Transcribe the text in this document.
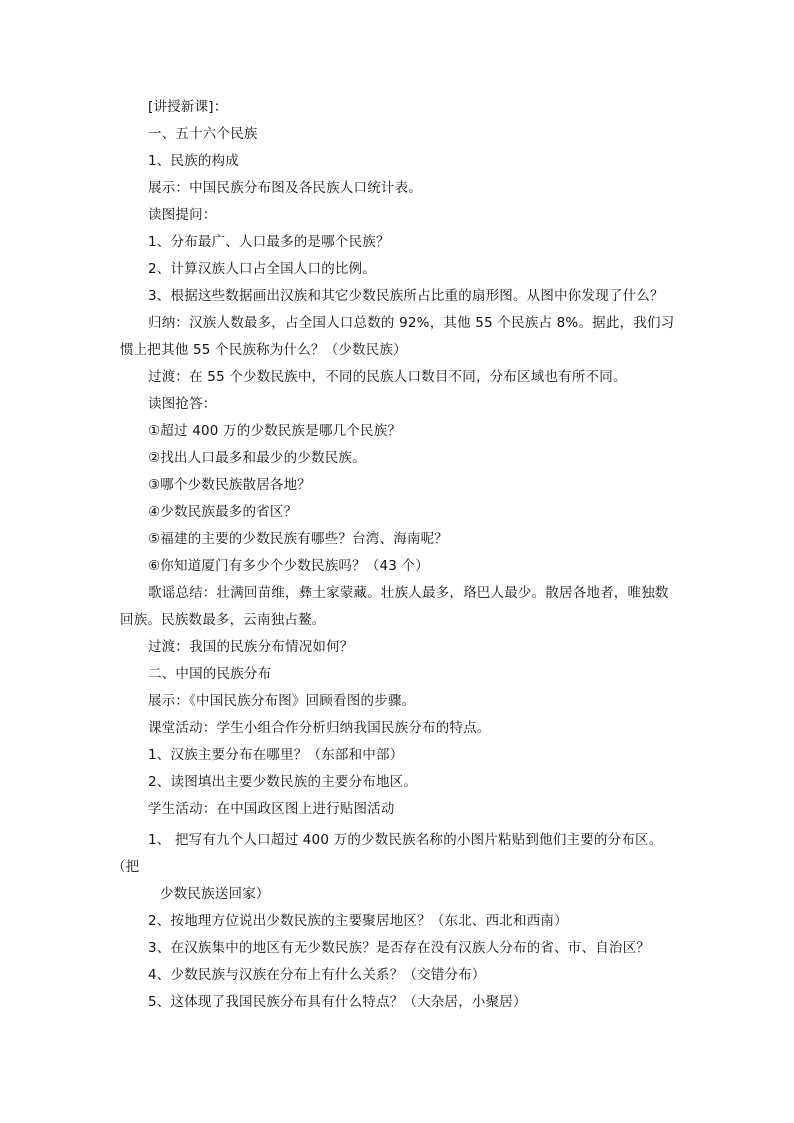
[讲授新课]：
一、五十六个民族
1、民族的构成
展示：中国民族分布图及各民族人口统计表。
读图提问：
1、分布最广、人口最多的是哪个民族？
2、计算汉族人口占全国人口的比例。
3、根据这些数据画出汉族和其它少数民族所占比重的扇形图。从图中你发现了什么？
归纳：汉族人数最多，占全国人口总数的 92%，其他 55 个民族占 8%。据此，我们习
惯上把其他 55 个民族称为什么？（少数民族）
过渡：在 55 个少数民族中，不同的民族人口数目不同，分布区域也有所不同。
读图抢答：
①超过 400 万的少数民族是哪几个民族？
②找出人口最多和最少的少数民族。
③哪个少数民族散居各地？
④少数民族最多的省区？
⑤福建的主要的少数民族有哪些？台湾、海南呢？
⑥你知道厦门有多少个少数民族吗？（43 个）
歌谣总结：壮满回苗维，彝土家蒙藏。壮族人最多，珞巴人最少。散居各地者，唯独数
回族。民族数最多，云南独占鳌。
过渡：我国的民族分布情况如何？
二、中国的民族分布
展示：《中国民族分布图》回顾看图的步骤。
课堂活动：学生小组合作分析归纳我国民族分布的特点。
1、汉族主要分布在哪里？（东部和中部）
2、读图填出主要少数民族的主要分布地区。
学生活动：在中国政区图上进行贴图活动
1、 把写有九个人口超过 400 万的少数民族名称的小图片粘贴到他们主要的分布区。
（把
少数民族送回家）
2、按地理方位说出少数民族的主要聚居地区？（东北、西北和西南）
3、在汉族集中的地区有无少数民族？是否存在没有汉族人分布的省、市、自治区？
4、少数民族与汉族在分布上有什么关系？（交错分布）
5、这体现了我国民族分布具有什么特点？（大杂居，小聚居）
